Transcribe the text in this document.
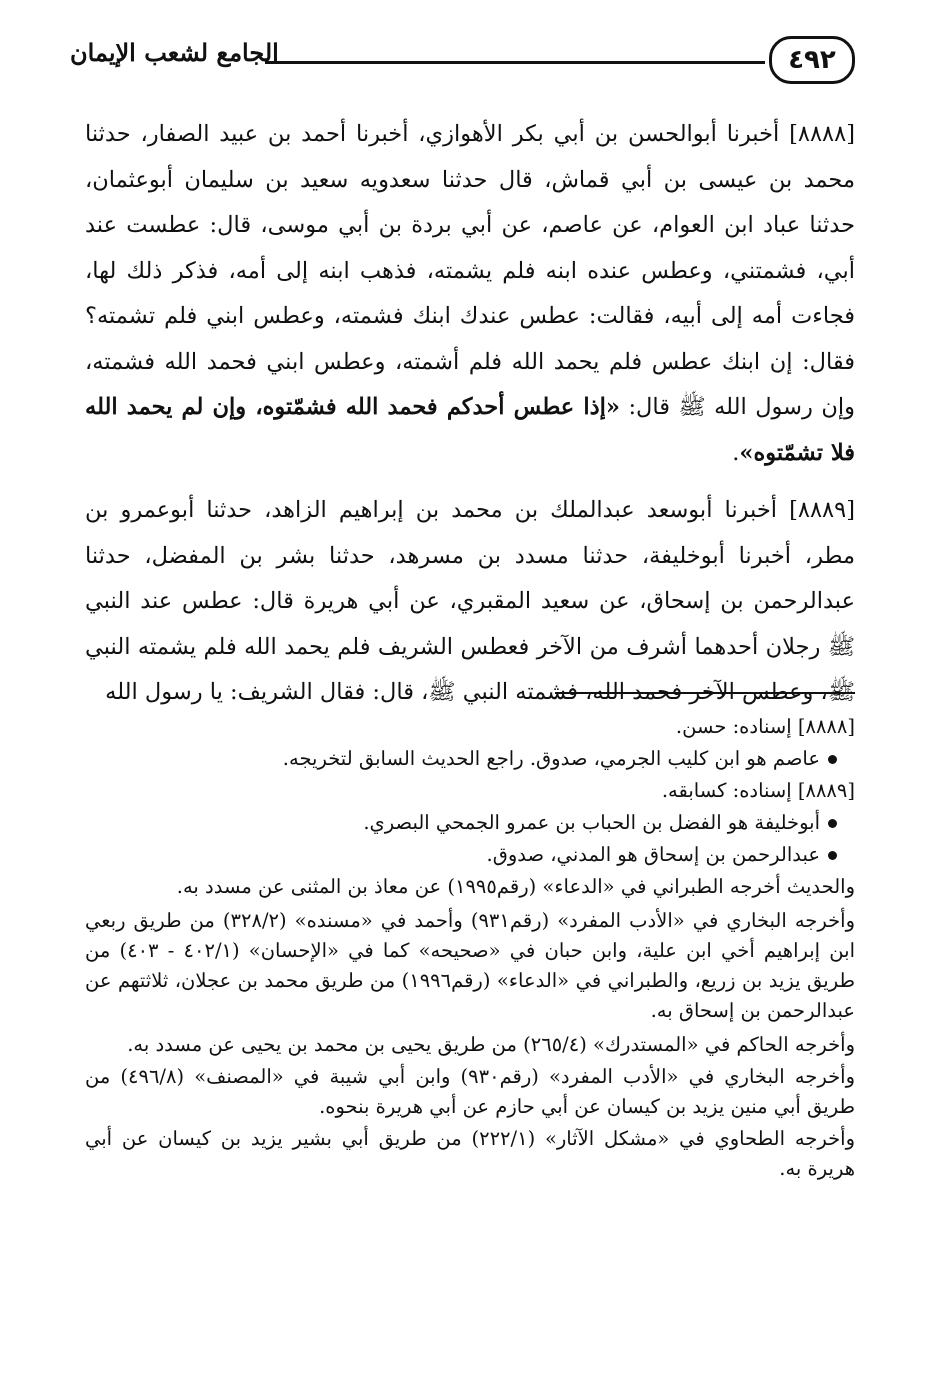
٤٩٢
الجامع لشعب الإيمان

[٨٨٨٨] أخبرنا أبوالحسن بن أبي بكر الأهوازي، أخبرنا أحمد بن عبيد الصفار، حدثنا محمد بن عيسى بن أبي قماش، قال حدثنا سعدويه سعيد بن سليمان أبوعثمان، حدثنا عباد ابن العوام، عن عاصم، عن أبي بردة بن أبي موسى، قال: عطست عند أبي، فشمتني، وعطس عنده ابنه فلم يشمته، فذهب ابنه إلى أمه، فذكر ذلك لها، فجاءت أمه إلى أبيه، فقالت: عطس عندك ابنك فشمته، وعطس ابني فلم تشمته؟ فقال: إن ابنك عطس فلم يحمد الله فلم أشمته، وعطس ابني فحمد الله فشمته، وإن رسول الله ﷺ قال: «إذا عطس أحدكم فحمد الله فشمّتوه، وإن لم يحمد الله فلا تشمّتوه».

[٨٨٨٩] أخبرنا أبوسعد عبدالملك بن محمد بن إبراهيم الزاهد، حدثنا أبوعمرو بن مطر، أخبرنا أبوخليفة، حدثنا مسدد بن مسرهد، حدثنا بشر بن المفضل، حدثنا عبدالرحمن بن إسحاق، عن سعيد المقبري، عن أبي هريرة قال: عطس عند النبي ﷺ رجلان أحدهما أشرف من الآخر فعطس الشريف فلم يحمد الله فلم يشمته النبي ﷺ، وعطس الآخر فحمد الله، فشمته النبي ﷺ، قال: فقال الشريف: يا رسول الله

[٨٨٨٨] إسناده: حسن.

عاصم هو ابن كليب الجرمي، صدوق. راجع الحديث السابق لتخريجه.

[٨٨٨٩] إسناده: كسابقه.

أبوخليفة هو الفضل بن الحباب بن عمرو الجمحي البصري.

عبدالرحمن بن إسحاق هو المدني، صدوق.

والحديث أخرجه الطبراني في «الدعاء» (رقم١٩٩٥) عن معاذ بن المثنى عن مسدد به.

وأخرجه البخاري في «الأدب المفرد» (رقم٩٣١) وأحمد في «مسنده» (٣٢٨/٢) من طريق ربعي ابن إبراهيم أخي ابن علية، وابن حبان في «صحيحه» كما في «الإحسان» (٤٠٢/١ - ٤٠٣) من طريق يزيد بن زريع، والطبراني في «الدعاء» (رقم١٩٩٦) من طريق محمد بن عجلان، ثلاثتهم عن عبدالرحمن بن إسحاق به.

وأخرجه الحاكم في «المستدرك» (٢٦٥/٤) من طريق يحيى بن محمد بن يحيى عن مسدد به.

وأخرجه البخاري في «الأدب المفرد» (رقم٩٣٠) وابن أبي شيبة في «المصنف» (٤٩٦/٨) من طريق أبي منين يزيد بن كيسان عن أبي حازم عن أبي هريرة بنحوه.

وأخرجه الطحاوي في «مشكل الآثار» (٢٢٢/١) من طريق أبي بشير يزيد بن كيسان عن أبي هريرة به.
